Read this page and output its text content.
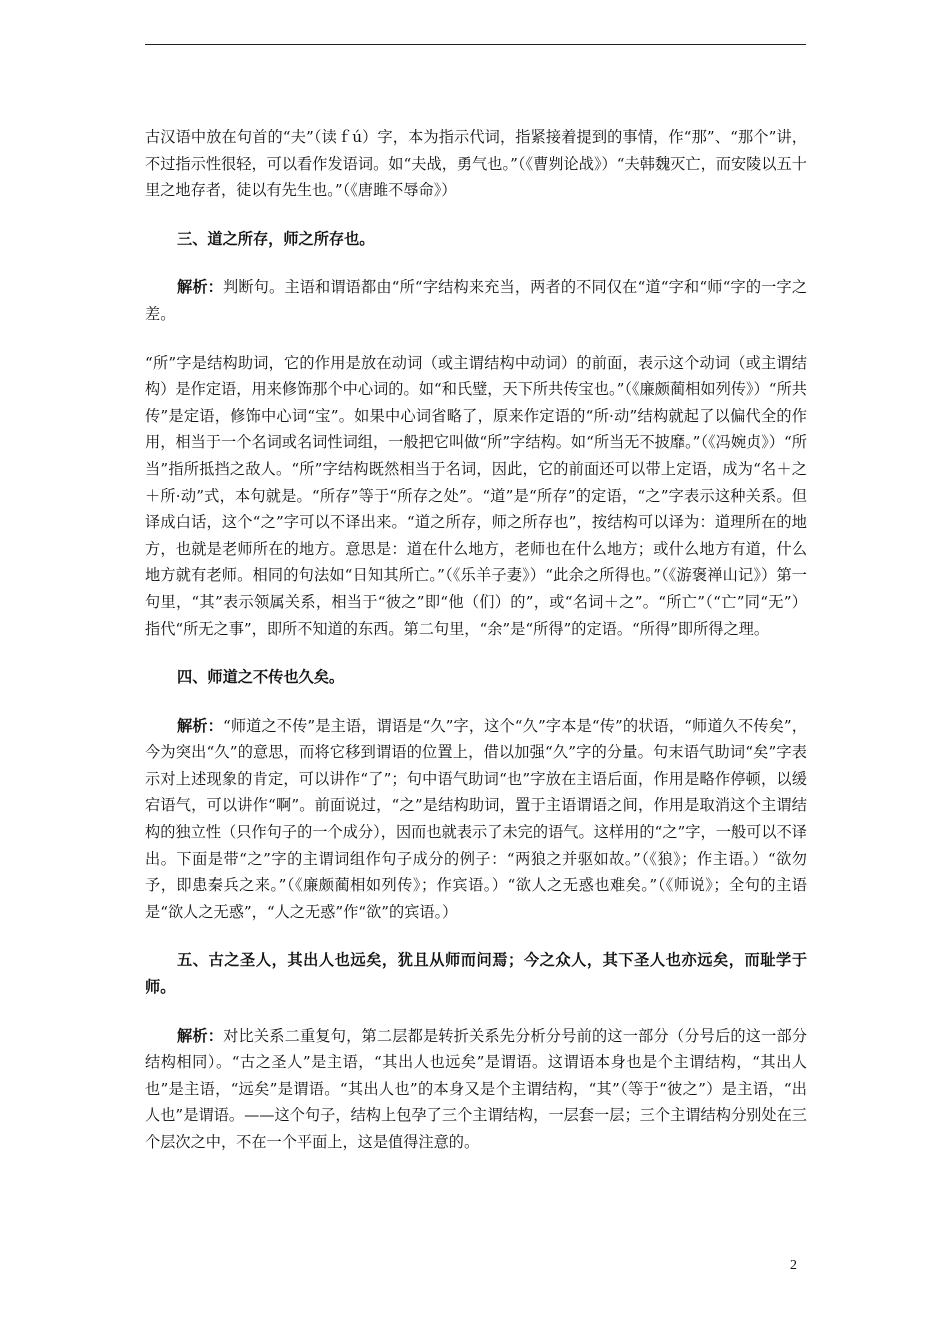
古汉语中放在句首的“夫”（读ｆú）字，本为指示代词，指紧接着提到的事情，作“那”、“那个”讲，不过指示性很轻，可以看作发语词。如“夫战，勇气也。”（《曹刿论战》）“夫韩魏灭亡，而安陵以五十里之地存者，徒以有先生也。”（《唐雎不辱命》）

三、道之所存，师之所存也。

解析：判断句。主语和谓语都由“所“字结构来充当，两者的不同仅在“道“字和“师“字的一字之差。

“所”字是结构助词，它的作用是放在动词（或主谓结构中动词）的前面，表示这个动词（或主谓结构）是作定语，用来修饰那个中心词的。如“和氏璧，天下所共传宝也。”（《廉颇蔺相如列传》）“所共传”是定语，修饰中心词“宝”。如果中心词省略了，原来作定语的“所·动”结构就起了以偏代全的作用，相当于一个名词或名词性词组，一般把它叫做“所”字结构。如“所当无不披靡。”（《冯婉贞》）“所当”指所抵挡之敌人。“所”字结构既然相当于名词，因此，它的前面还可以带上定语，成为“名＋之＋所·动”式，本句就是。“所存”等于“所存之处”。“道”是“所存”的定语，“之”字表示这种关系。但译成白话，这个“之”字可以不译出来。“道之所存，师之所存也”，按结构可以译为：道理所在的地方，也就是老师所在的地方。意思是：道在什么地方，老师也在什么地方；或什么地方有道，什么地方就有老师。相同的句法如“日知其所亡。”（《乐羊子妻》）“此余之所得也。”（《游褒禅山记》）第一句里，“其”表示领属关系，相当于“彼之”即“他（们）的”，或“名词＋之”。“所亡”（“亡”同“无”）指代“所无之事”，即所不知道的东西。第二句里，“余”是“所得”的定语。“所得”即所得之理。

四、师道之不传也久矣。

解析：“师道之不传”是主语，谓语是“久”字，这个“久”字本是“传”的状语，“师道久不传矣”，今为突出“久”的意思，而将它移到谓语的位置上，借以加强“久”字的分量。句末语气助词“矣”字表示对上述现象的肯定，可以讲作“了”；句中语气助词“也”字放在主语后面，作用是略作停顿，以缓宕语气，可以讲作“啊”。前面说过，“之”是结构助词，置于主语谓语之间，作用是取消这个主谓结构的独立性（只作句子的一个成分），因而也就表示了未完的语气。这样用的“之”字，一般可以不译出。下面是带“之”字的主谓词组作句子成分的例子：“两狼之并驱如故。”（《狼》；作主语。）“欲勿予，即患秦兵之来。”（《廉颇蔺相如列传》；作宾语。）“欲人之无惑也难矣。”（《师说》；全句的主语是“欲人之无惑”，“人之无惑”作“欲”的宾语。）

五、古之圣人，其出人也远矣，犹且从师而问焉；今之众人，其下圣人也亦远矣，而耻学于师。

解析：对比关系二重复句，第二层都是转折关系先分析分号前的这一部分（分号后的这一部分结构相同）。“古之圣人”是主语，“其出人也远矣”是谓语。这谓语本身也是个主谓结构，“其出人也”是主语，“远矣”是谓语。“其出人也”的本身又是个主谓结构，“其”（等于“彼之”）是主语，“出人也”是谓语。——这个句子，结构上包孕了三个主谓结构，一层套一层；三个主谓结构分别处在三个层次之中，不在一个平面上，这是值得注意的。

2
